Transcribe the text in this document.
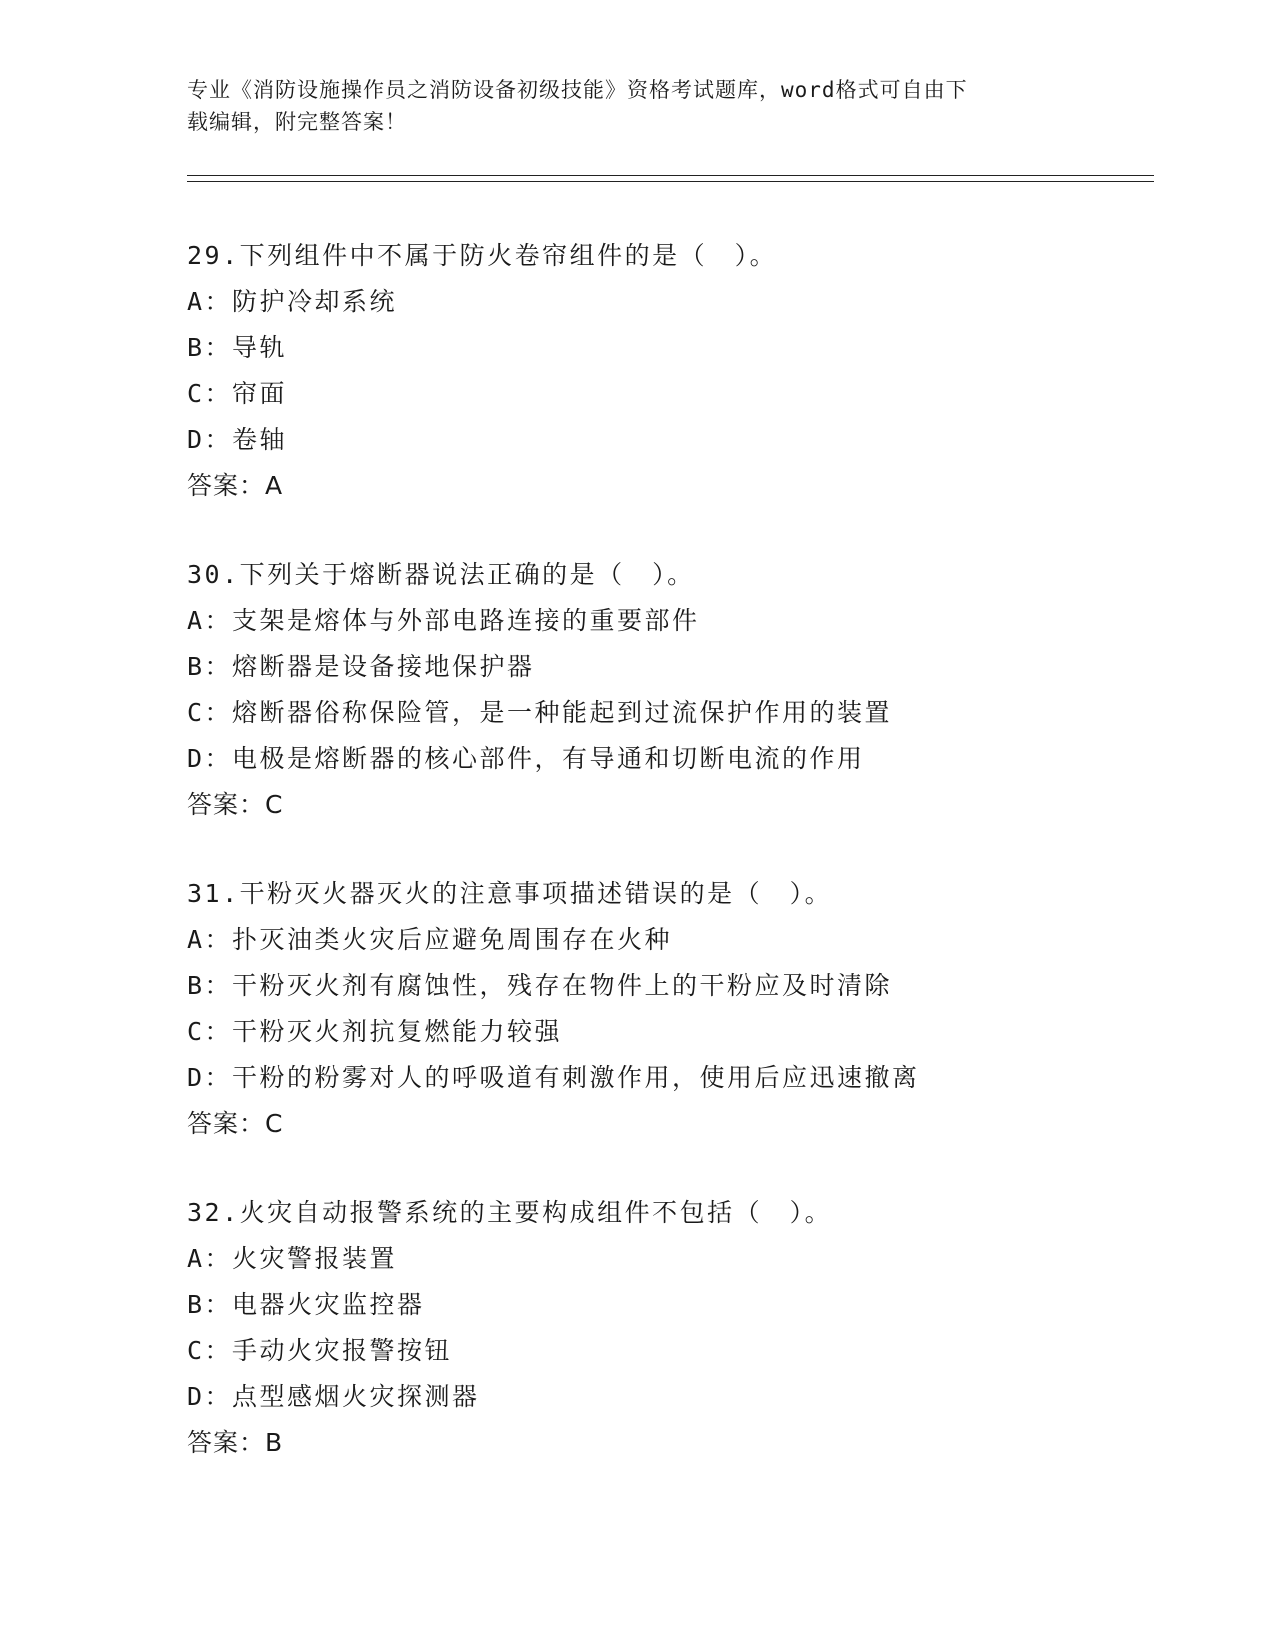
专业《消防设施操作员之消防设备初级技能》资格考试题库，word格式可自由下
载编辑，附完整答案！
29.下列组件中不属于防火卷帘组件的是（　）。
A：防护冷却系统
B：导轨
C：帘面
D：卷轴
答案：A
30.下列关于熔断器说法正确的是（　）。
A：支架是熔体与外部电路连接的重要部件
B：熔断器是设备接地保护器
C：熔断器俗称保险管，是一种能起到过流保护作用的装置
D：电极是熔断器的核心部件，有导通和切断电流的作用
答案：C
31.干粉灭火器灭火的注意事项描述错误的是（　）。
A：扑灭油类火灾后应避免周围存在火种
B：干粉灭火剂有腐蚀性，残存在物件上的干粉应及时清除
C：干粉灭火剂抗复燃能力较强
D：干粉的粉雾对人的呼吸道有刺激作用，使用后应迅速撤离
答案：C
32.火灾自动报警系统的主要构成组件不包括（　）。
A：火灾警报装置
B：电器火灾监控器
C：手动火灾报警按钮
D：点型感烟火灾探测器
答案：B
